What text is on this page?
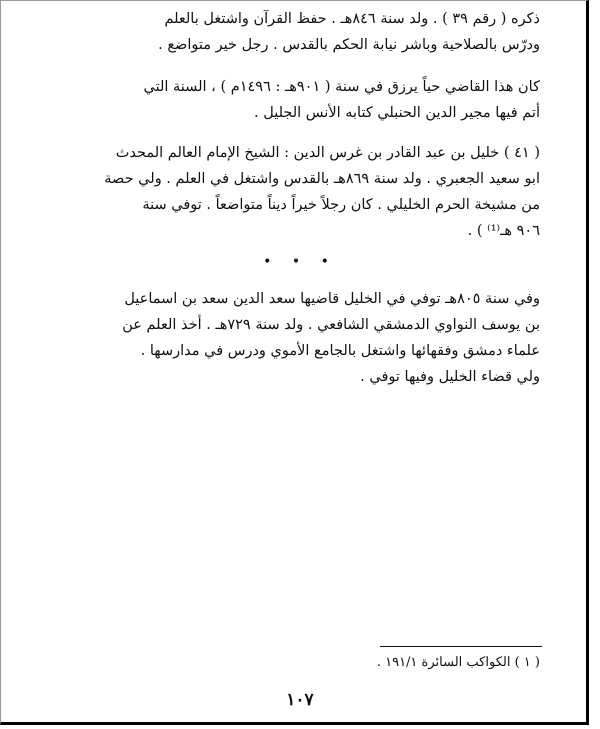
ذكره ( رقم ٣٩ ) . ولد سنة ٨٤٦هـ . حفظ القرآن واشتغل بالعلم

ودرّس بالصلاحية وباشر نيابة الحكم بالقدس . رجل خير متواضع .

كان هذا القاضي حياً يرزق في سنة ( ٩٠١هـ : ١٤٩٦م ) ، السنة التي

أتم فيها مجير الدين الحنبلي كتابه الأنس الجليل .

( ٤١ ) خليل بن عبد القادر بن غرس الدين : الشيخ الإمام العالم المحدث

ابو سعيد الجعبري . ولد سنة ٨٦٩هـ بالقدس واشتغل في العلم . ولي حصة

من مشيخة الحرم الخليلي . كان رجلاً خيراً ديناً متواضعاً . توفي سنة

٩٠٦ هـ⁽¹⁾ ) .

• • •

وفي سنة ٨٠٥هـ توفي في الخليل قاضيها سعد الدين سعد بن اسماعيل

بن يوسف النواوي الدمشقي الشافعي . ولد سنة ٧٢٩هـ . أخذ العلم عن

علماء دمشق وفقهائها واشتغل بالجامع الأموي ودرس في مدارسها .

ولي قضاء الخليل وفيها توفي .

( ١ ) الكواكب السائرة ١٩١/١ .
١٠٧
